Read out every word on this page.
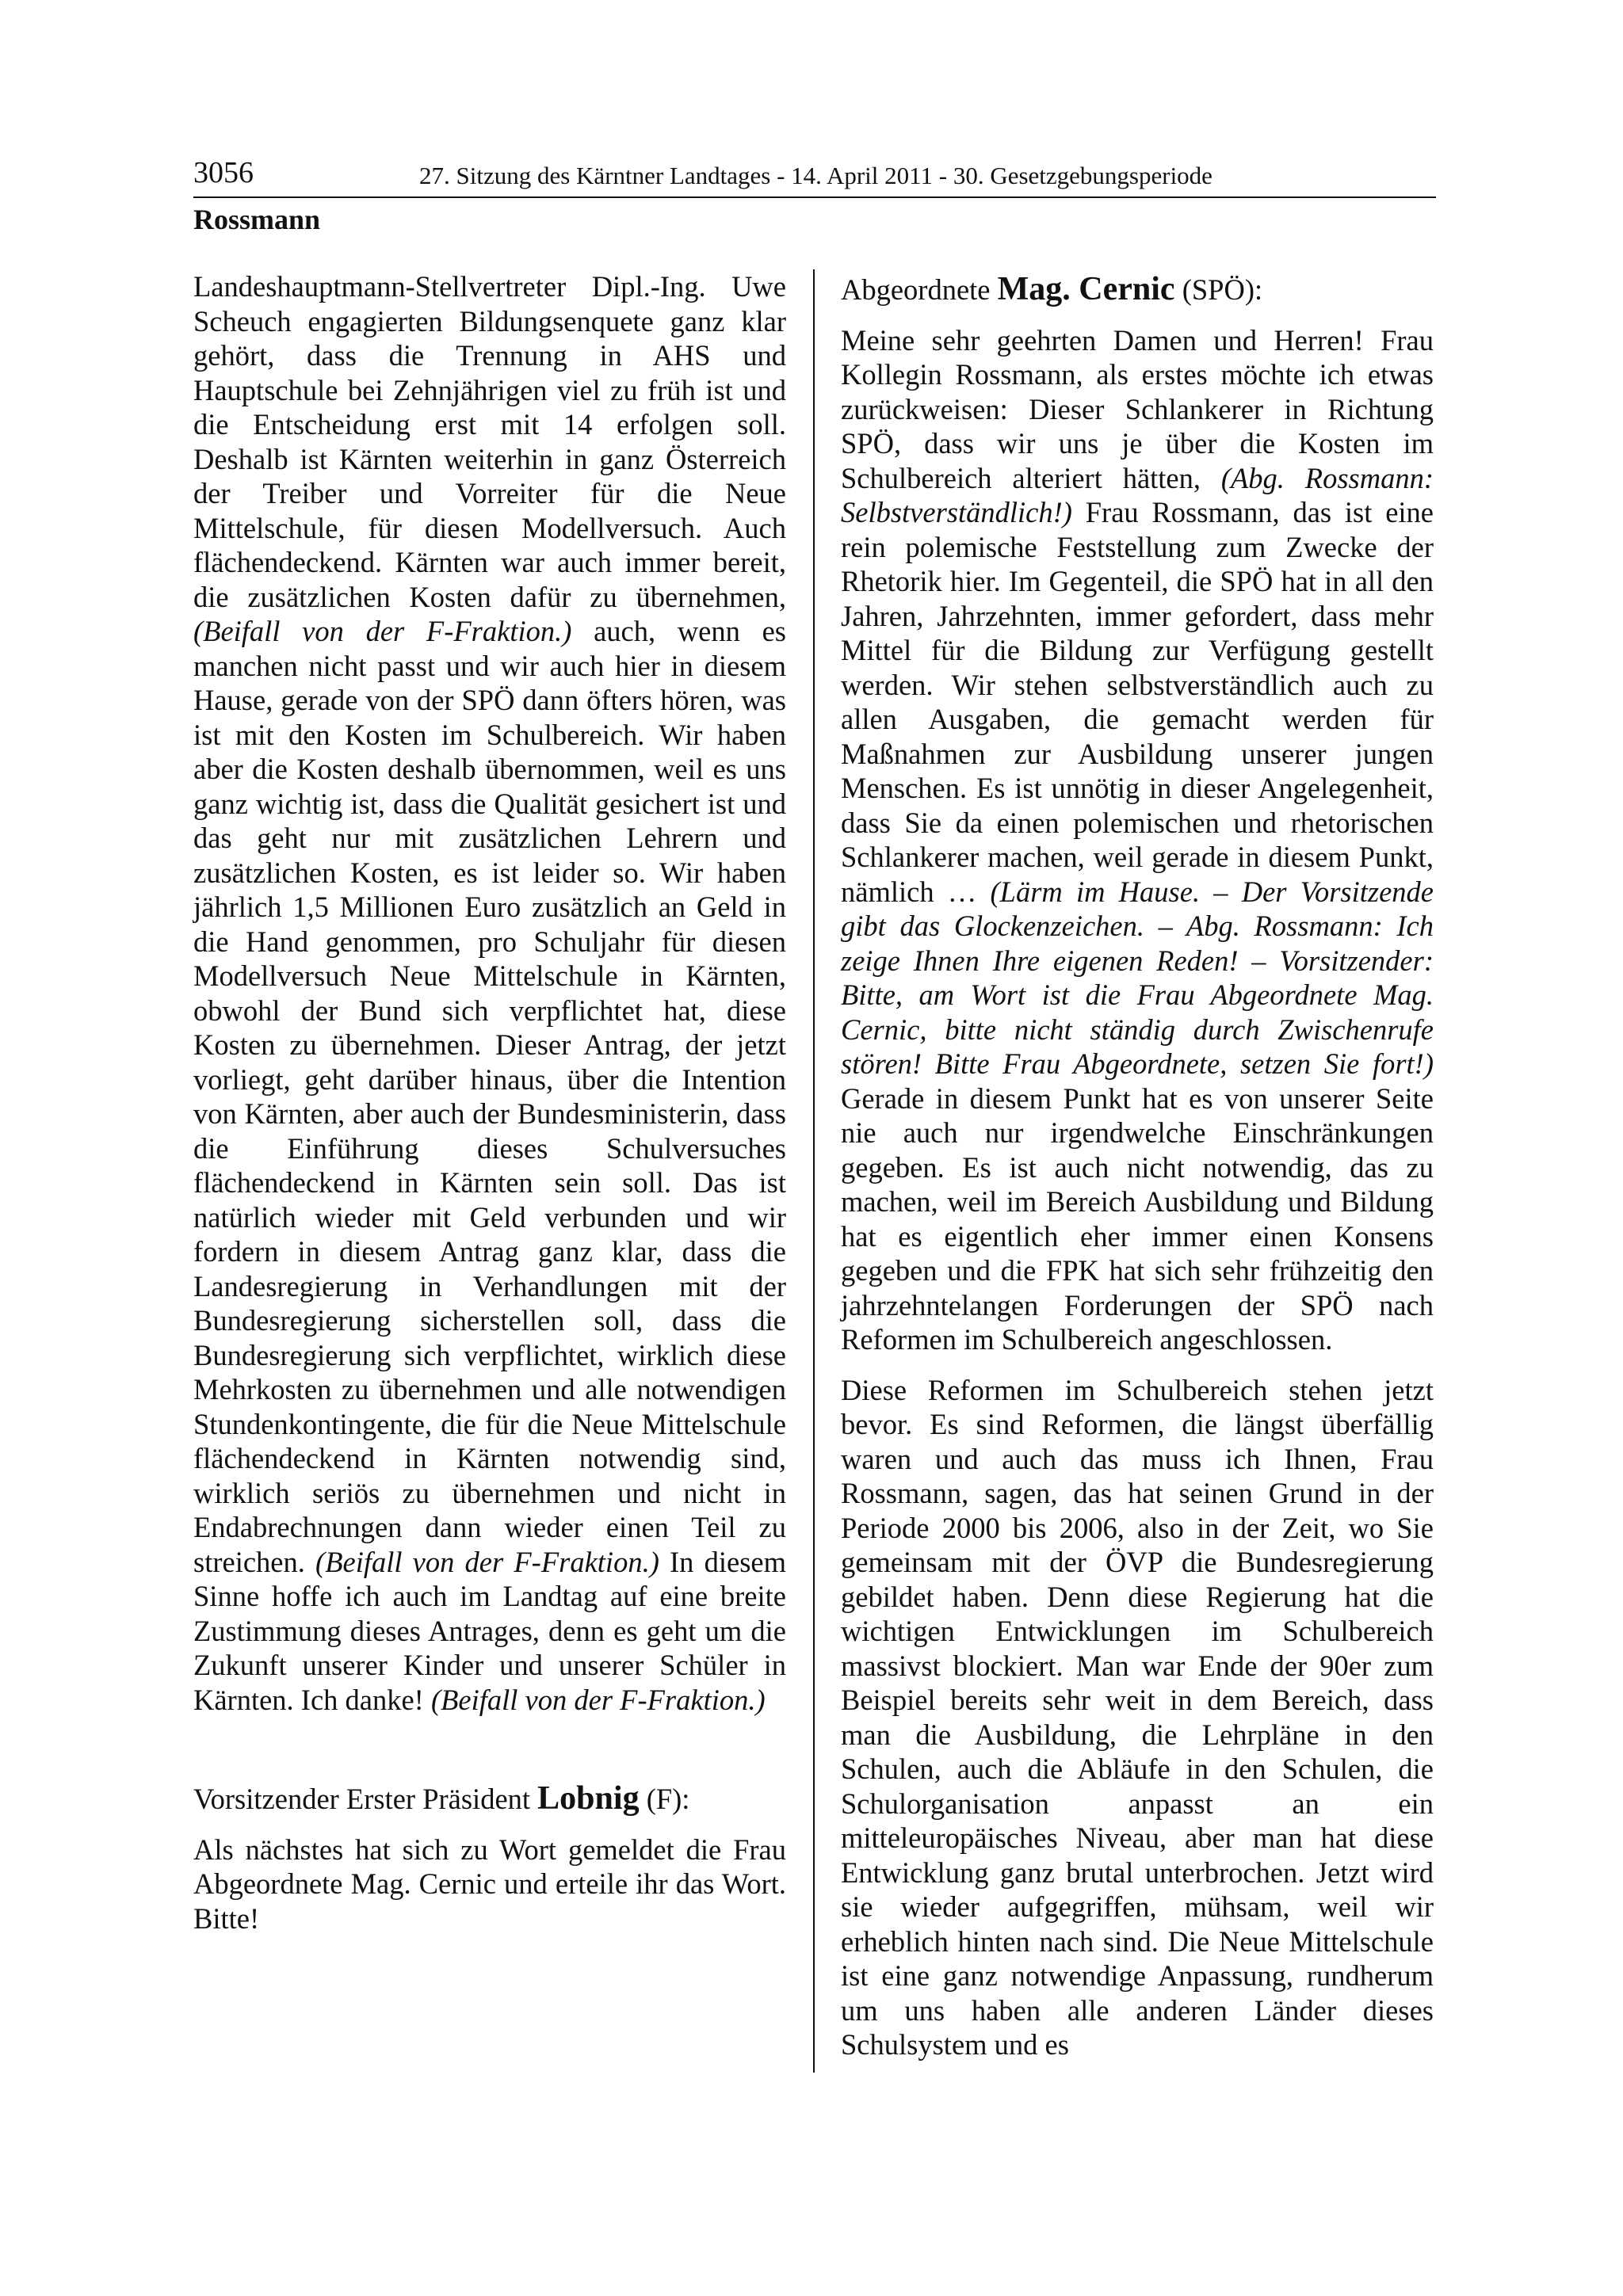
3056	27. Sitzung des Kärntner Landtages - 14. April 2011 - 30. Gesetzgebungsperiode
Rossmann

Landeshauptmann-Stellvertreter Dipl.-Ing. Uwe Scheuch engagierten Bildungsenquete ganz klar gehört, dass die Trennung in AHS und Hauptschule bei Zehnjährigen viel zu früh ist und die Entscheidung erst mit 14 erfolgen soll. Deshalb ist Kärnten weiterhin in ganz Österreich der Treiber und Vorreiter für die Neue Mittelschule, für diesen Modellversuch. Auch flächendeckend. Kärnten war auch immer bereit, die zusätzlichen Kosten dafür zu übernehmen, (Beifall von der F-Fraktion.) auch, wenn es manchen nicht passt und wir auch hier in diesem Hause, gerade von der SPÖ dann öfters hören, was ist mit den Kosten im Schulbereich. Wir haben aber die Kosten deshalb übernommen, weil es uns ganz wichtig ist, dass die Qualität gesichert ist und das geht nur mit zusätzlichen Lehrern und zusätzlichen Kosten, es ist leider so. Wir haben jährlich 1,5 Millionen Euro zusätzlich an Geld in die Hand genommen, pro Schuljahr für diesen Modellversuch Neue Mittelschule in Kärnten, obwohl der Bund sich verpflichtet hat, diese Kosten zu übernehmen. Dieser Antrag, der jetzt vorliegt, geht darüber hinaus, über die Intention von Kärnten, aber auch der Bundesministerin, dass die Einführung dieses Schulversuches flächendeckend in Kärnten sein soll. Das ist natürlich wieder mit Geld verbunden und wir fordern in diesem Antrag ganz klar, dass die Landesregierung in Verhandlungen mit der Bundesregierung sicherstellen soll, dass die Bundesregierung sich verpflichtet, wirklich diese Mehrkosten zu übernehmen und alle notwendigen Stundenkontingente, die für die Neue Mittelschule flächendeckend in Kärnten notwendig sind, wirklich seriös zu übernehmen und nicht in Endabrechnungen dann wieder einen Teil zu streichen. (Beifall von der F-Fraktion.) In diesem Sinne hoffe ich auch im Landtag auf eine breite Zustimmung dieses Antrages, denn es geht um die Zukunft unserer Kinder und unserer Schüler in Kärnten. Ich danke! (Beifall von der F-Fraktion.)

Vorsitzender Erster Präsident Lobnig (F):

Als nächstes hat sich zu Wort gemeldet die Frau Abgeordnete Mag. Cernic und erteile ihr das Wort. Bitte!

Abgeordnete Mag. Cernic (SPÖ):

Meine sehr geehrten Damen und Herren! Frau Kollegin Rossmann, als erstes möchte ich etwas zurückweisen: Dieser Schlankerer in Richtung SPÖ, dass wir uns je über die Kosten im Schulbereich alteriert hätten, (Abg. Rossmann: Selbstverständlich!) Frau Rossmann, das ist eine rein polemische Feststellung zum Zwecke der Rhetorik hier. Im Gegenteil, die SPÖ hat in all den Jahren, Jahrzehnten, immer gefordert, dass mehr Mittel für die Bildung zur Verfügung gestellt werden. Wir stehen selbstverständlich auch zu allen Ausgaben, die gemacht werden für Maßnahmen zur Ausbildung unserer jungen Menschen. Es ist unnötig in dieser Angelegenheit, dass Sie da einen polemischen und rhetorischen Schlankerer machen, weil gerade in diesem Punkt, nämlich … (Lärm im Hause. – Der Vorsitzende gibt das Glockenzeichen. – Abg. Rossmann: Ich zeige Ihnen Ihre eigenen Reden! – Vorsitzender: Bitte, am Wort ist die Frau Abgeordnete Mag. Cernic, bitte nicht ständig durch Zwischenrufe stören! Bitte Frau Abgeordnete, setzen Sie fort!) Gerade in diesem Punkt hat es von unserer Seite nie auch nur irgendwelche Einschränkungen gegeben. Es ist auch nicht notwendig, das zu machen, weil im Bereich Ausbildung und Bildung hat es eigentlich eher immer einen Konsens gegeben und die FPK hat sich sehr frühzeitig den jahrzehntelangen Forderungen der SPÖ nach Reformen im Schulbereich angeschlossen.

Diese Reformen im Schulbereich stehen jetzt bevor. Es sind Reformen, die längst überfällig waren und auch das muss ich Ihnen, Frau Rossmann, sagen, das hat seinen Grund in der Periode 2000 bis 2006, also in der Zeit, wo Sie gemeinsam mit der ÖVP die Bundesregierung gebildet haben. Denn diese Regierung hat die wichtigen Entwicklungen im Schulbereich massivst blockiert. Man war Ende der 90er zum Beispiel bereits sehr weit in dem Bereich, dass man die Ausbildung, die Lehrpläne in den Schulen, auch die Abläufe in den Schulen, die Schulorganisation anpasst an ein mitteleuropäisches Niveau, aber man hat diese Entwicklung ganz brutal unterbrochen. Jetzt wird sie wieder aufgegriffen, mühsam, weil wir erheblich hinten nach sind. Die Neue Mittelschule ist eine ganz notwendige Anpassung, rundherum um uns haben alle anderen Länder dieses Schulsystem und es
